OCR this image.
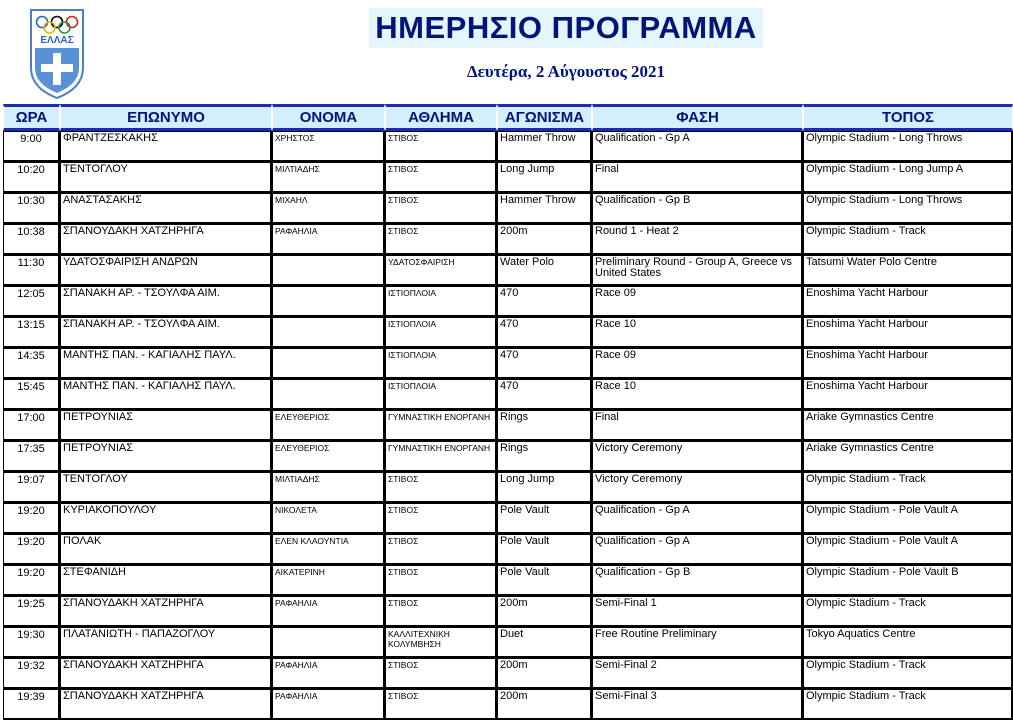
ΕΛΛΑΣ	ΗΜΕΡΗΣΙΟ ΠΡΟΓΡΑΜΜΑ
Δευτέρα, 2 Αύγουστος 2021
ΩΡΑ	ΕΠΩΝΥΜΟ	ΟΝΟΜΑ	ΑΘΛΗΜΑ	ΑΓΩΝΙΣΜΑ	ΦΑΣΗ	ΤΟΠΟΣ
9:00	ΦΡΑΝΤΖΕΣΚΑΚΗΣ	ΧΡΗΣΤΟΣ	ΣΤΙΒΟΣ	Hammer Throw	Qualification - Gp A	Olympic Stadium - Long Throws
10:20	ΤΕΝΤΟΓΛΟΥ	ΜΙΛΤΙΑΔΗΣ	ΣΤΙΒΟΣ	Long Jump	Final	Olympic Stadium - Long Jump A
10:30	ΑΝΑΣΤΑΣΑΚΗΣ	ΜΙΧΑΗΛ	ΣΤΙΒΟΣ	Hammer Throw	Qualification - Gp B	Olympic Stadium - Long Throws
10:38	ΣΠΑΝΟΥΔΑΚΗ ΧΑΤΖΗΡΗΓΑ	ΡΑΦΑΗΛΙΑ	ΣΤΙΒΟΣ	200m	Round 1 - Heat 2	Olympic Stadium - Track
11:30	ΥΔΑΤΟΣΦΑΙΡΙΣΗ ΑΝΔΡΩΝ		ΥΔΑΤΟΣΦΑΙΡΙΣΗ	Water Polo	Preliminary Round - Group A, Greece vs United States	Tatsumi Water Polo Centre
12:05	ΣΠΑΝΑΚΗ ΑΡ. - ΤΣΟΥΛΦΑ ΑΙΜ.		ΙΣΤΙΟΠΛΟΙΑ	470	Race 09	Enoshima Yacht Harbour
13:15	ΣΠΑΝΑΚΗ ΑΡ. - ΤΣΟΥΛΦΑ ΑΙΜ.		ΙΣΤΙΟΠΛΟΙΑ	470	Race 10	Enoshima Yacht Harbour
14:35	ΜΑΝΤΗΣ ΠΑΝ. - ΚΑΓΙΑΛΗΣ ΠΑΥΛ.		ΙΣΤΙΟΠΛΟΙΑ	470	Race 09	Enoshima Yacht Harbour
15:45	ΜΑΝΤΗΣ ΠΑΝ. - ΚΑΓΙΑΛΗΣ ΠΑΥΛ.		ΙΣΤΙΟΠΛΟΙΑ	470	Race 10	Enoshima Yacht Harbour
17:00	ΠΕΤΡΟΥΝΙΑΣ	ΕΛΕΥΘΕΡΙΟΣ	ΓΥΜΝΑΣΤΙΚΗ ΕΝΟΡΓΑΝΗ	Rings	Final	Ariake Gymnastics Centre
17:35	ΠΕΤΡΟΥΝΙΑΣ	ΕΛΕΥΘΕΡΙΟΣ	ΓΥΜΝΑΣΤΙΚΗ ΕΝΟΡΓΑΝΗ	Rings	Victory Ceremony	Ariake Gymnastics Centre
19:07	ΤΕΝΤΟΓΛΟΥ	ΜΙΛΤΙΑΔΗΣ	ΣΤΙΒΟΣ	Long Jump	Victory Ceremony	Olympic Stadium - Track
19:20	ΚΥΡΙΑΚΟΠΟΥΛΟΥ	ΝΙΚΟΛΕΤΑ	ΣΤΙΒΟΣ	Pole Vault	Qualification - Gp A	Olympic Stadium - Pole Vault A
19:20	ΠΟΛΑΚ	ΕΛΕΝ ΚΛΑΟΥΝΤΙΑ	ΣΤΙΒΟΣ	Pole Vault	Qualification - Gp A	Olympic Stadium - Pole Vault A
19:20	ΣΤΕΦΑΝΙΔΗ	ΑΙΚΑΤΕΡΙΝΗ	ΣΤΙΒΟΣ	Pole Vault	Qualification - Gp B	Olympic Stadium - Pole Vault B
19:25	ΣΠΑΝΟΥΔΑΚΗ ΧΑΤΖΗΡΗΓΑ	ΡΑΦΑΗΛΙΑ	ΣΤΙΒΟΣ	200m	Semi-Final 1	Olympic Stadium - Track
19:30	ΠΛΑΤΑΝΙΩΤΗ - ΠΑΠΑΖΟΓΛΟΥ		ΚΑΛΛΙΤΕΧΝΙΚΗ ΚΟΛΥΜΒΗΣΗ	Duet	Free Routine Preliminary	Tokyo Aquatics Centre
19:32	ΣΠΑΝΟΥΔΑΚΗ ΧΑΤΖΗΡΗΓΑ	ΡΑΦΑΗΛΙΑ	ΣΤΙΒΟΣ	200m	Semi-Final 2	Olympic Stadium - Track
19:39	ΣΠΑΝΟΥΔΑΚΗ ΧΑΤΖΗΡΗΓΑ	ΡΑΦΑΗΛΙΑ	ΣΤΙΒΟΣ	200m	Semi-Final 3	Olympic Stadium - Track
